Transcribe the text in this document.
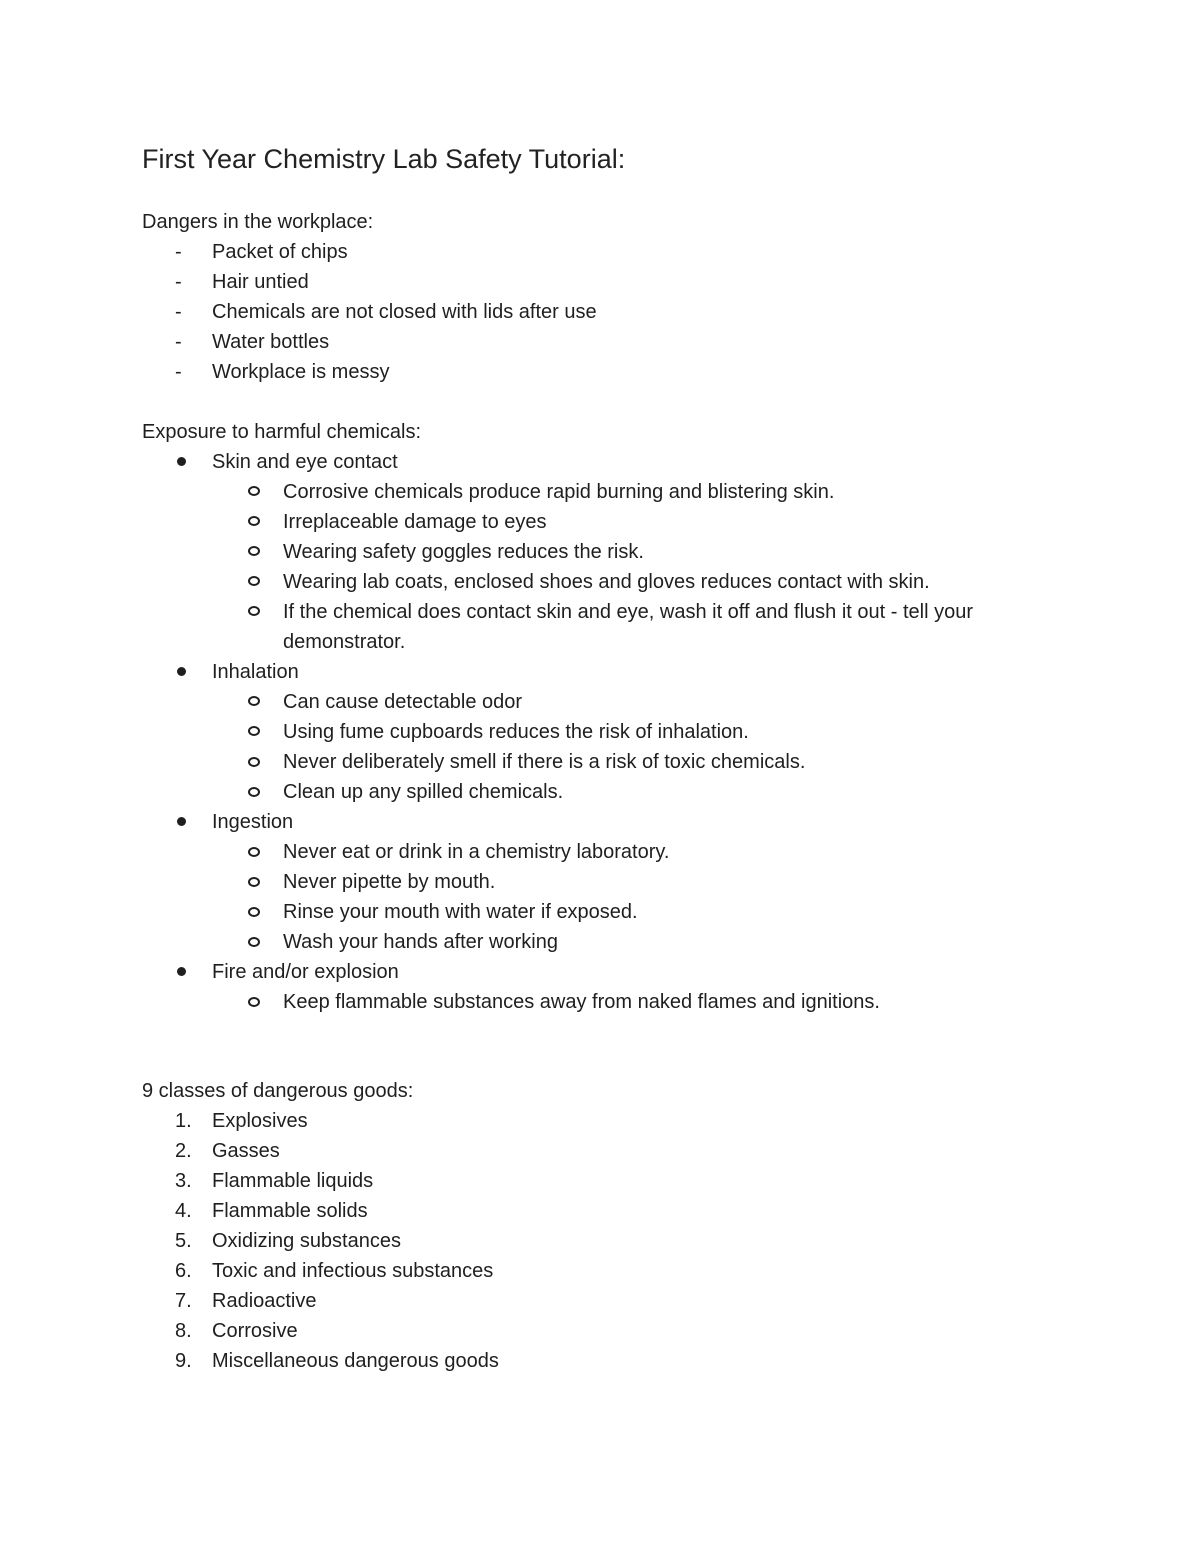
First Year Chemistry Lab Safety Tutorial:
Dangers in the workplace:
- Packet of chips
- Hair untied
- Chemicals are not closed with lids after use
- Water bottles
- Workplace is messy
Exposure to harmful chemicals:
Skin and eye contact
Corrosive chemicals produce rapid burning and blistering skin.
Irreplaceable damage to eyes
Wearing safety goggles reduces the risk.
Wearing lab coats, enclosed shoes and gloves reduces contact with skin.
If the chemical does contact skin and eye, wash it off and flush it out - tell your
demonstrator.
Inhalation
Can cause detectable odor
Using fume cupboards reduces the risk of inhalation.
Never deliberately smell if there is a risk of toxic chemicals.
Clean up any spilled chemicals.
Ingestion
Never eat or drink in a chemistry laboratory.
Never pipette by mouth.
Rinse your mouth with water if exposed.
Wash your hands after working
Fire and/or explosion
Keep flammable substances away from naked flames and ignitions.
9 classes of dangerous goods:
1. Explosives
2. Gasses
3. Flammable liquids
4. Flammable solids
5. Oxidizing substances
6. Toxic and infectious substances
7. Radioactive
8. Corrosive
9. Miscellaneous dangerous goods
